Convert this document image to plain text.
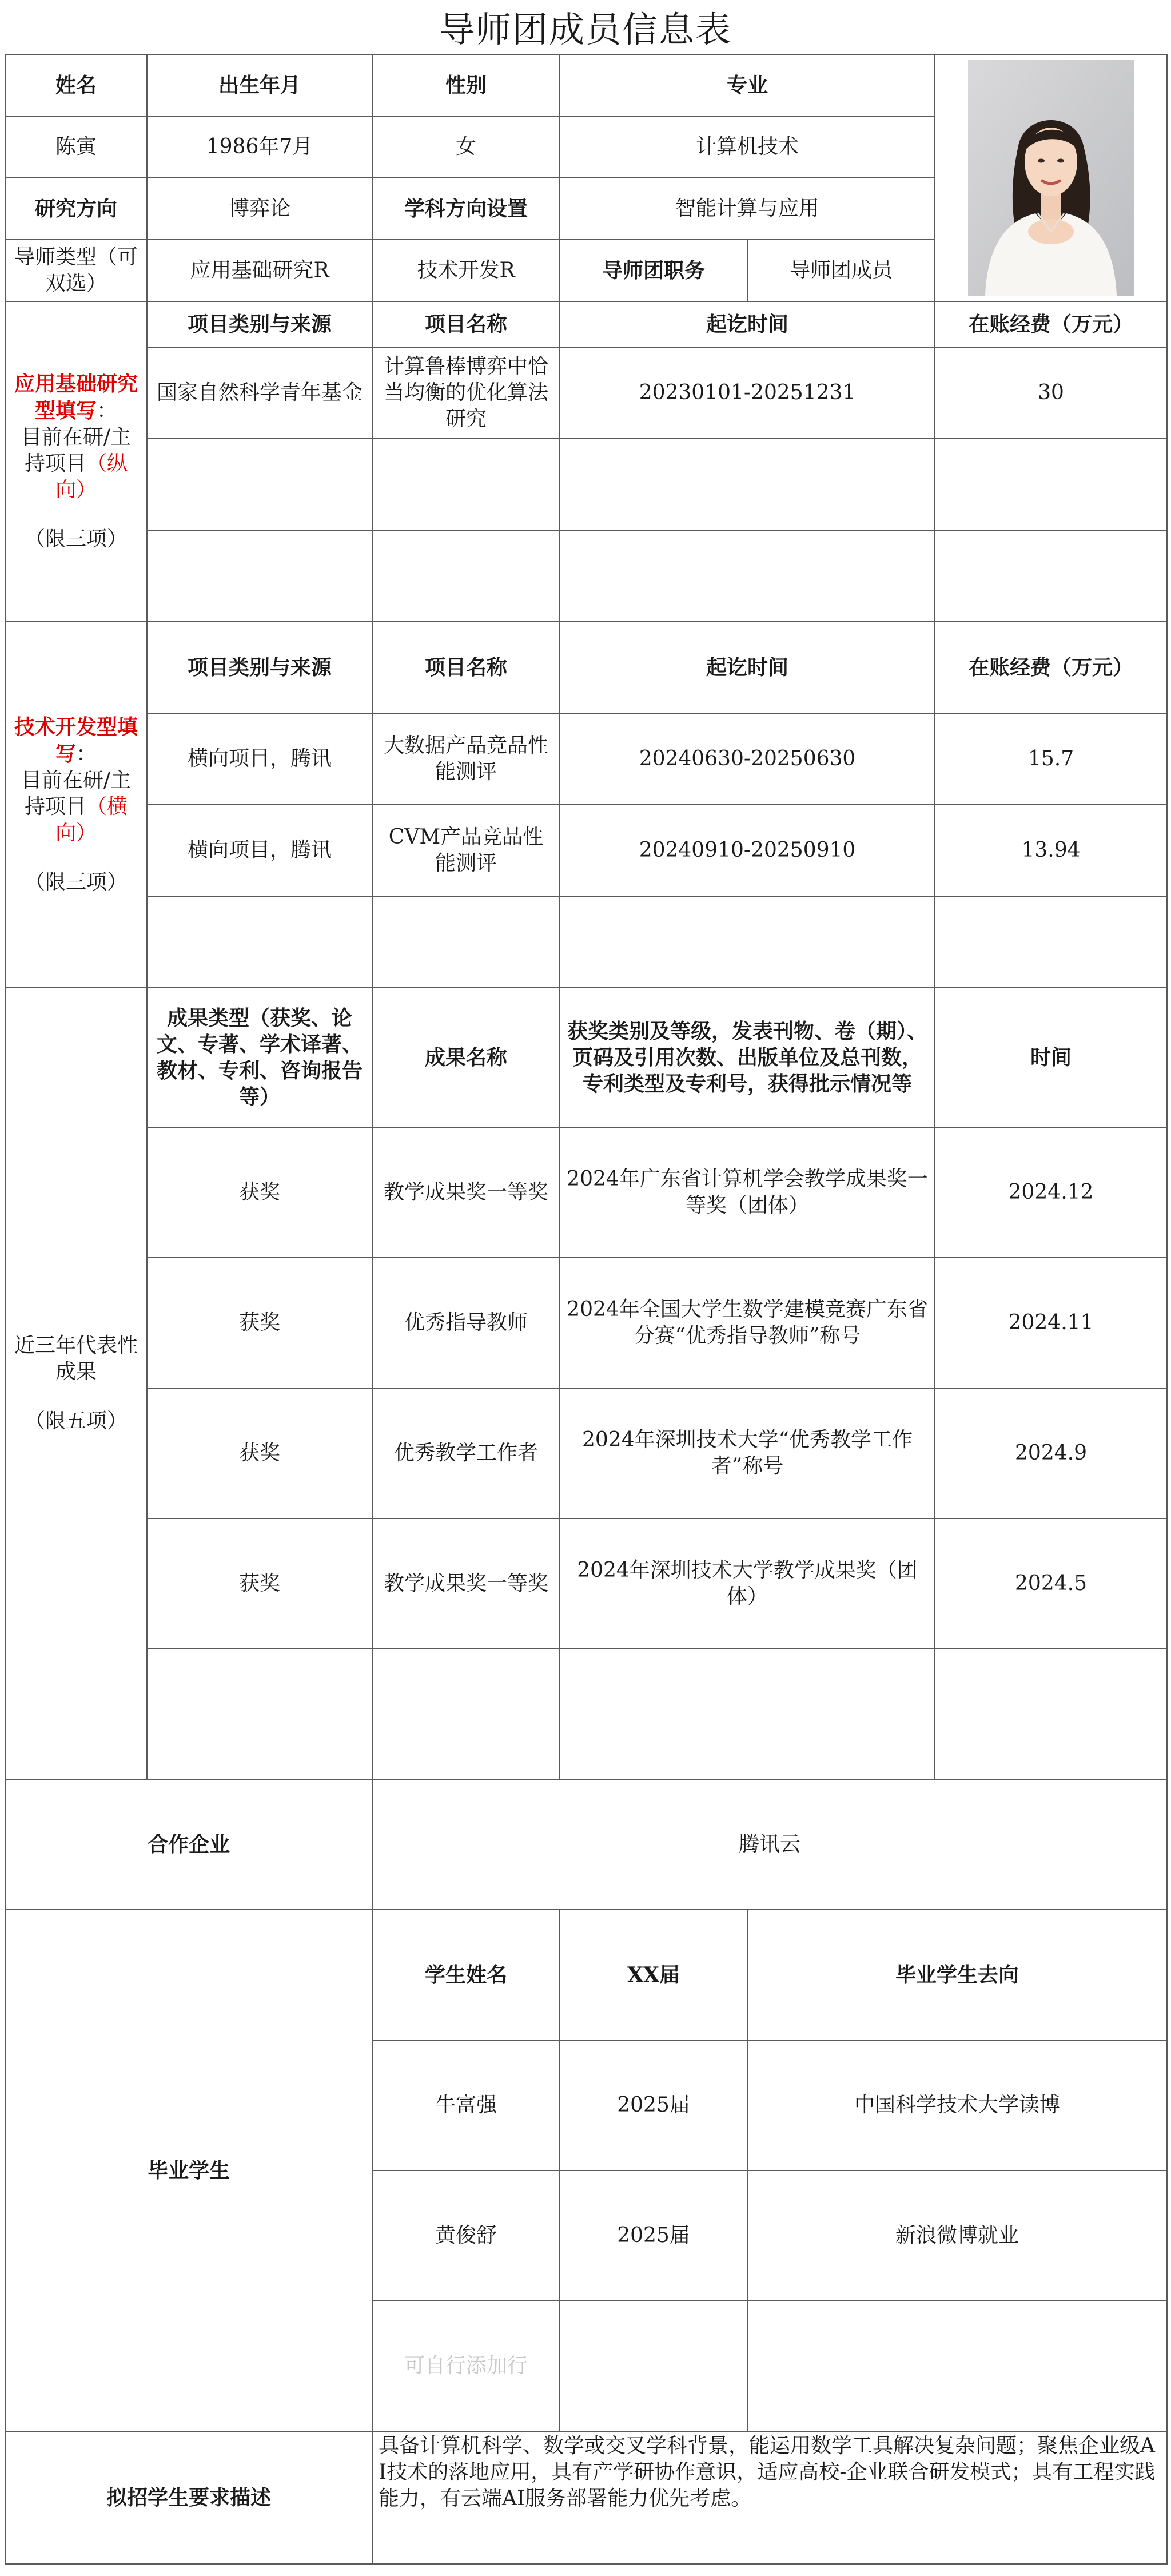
导师团成员信息表
姓名	出生年月	性别	专业	

陈寅	1986年7月	女	计算机技术		
研究方向	博弈论	学科方向设置	智能计算与应用		
导师类型（可双选）	应用基础研究R	技术开发R	导师团职务	导师团成员	
应用基础研究型填写：
目前在研/主持项目（纵向）
（限三项）	项目类别与来源	项目名称	起讫时间		在账经费（万元）
	国家自然科学青年基金	计算鲁棒博弈中恰当均衡的优化算法研究	20230101-20251231		30

技术开发型填写：
目前在研/主持项目（横向）
（限三项）	项目类别与来源	项目名称	起讫时间		在账经费（万元）
	横向项目，腾讯	大数据产品竞品性能测评	20240630-20250630		15.7
	横向项目，腾讯	CVM产品竞品性能测评	20240910-20250910		13.94

近三年代表性成果
（限五项）	成果类型（获奖、论文、专著、学术译著、教材、专利、咨询报告等）	成果名称	获奖类别及等级，发表刊物、卷（期）、页码及引用次数、出版单位及总刊数，专利类型及专利号，获得批示情况等		时间
	获奖	教学成果奖一等奖	2024年广东省计算机学会教学成果奖一等奖（团体）		2024.12
	获奖	优秀指导教师	2024年全国大学生数学建模竞赛广东省分赛“优秀指导教师”称号		2024.11
	获奖	优秀教学工作者	2024年深圳技术大学“优秀教学工作者”称号		2024.9
	获奖	教学成果奖一等奖	2024年深圳技术大学教学成果奖（团体）		2024.5

合作企业		腾讯云			
毕业学生		学生姓名	XX届	毕业学生去向	
		牛富强	2025届	中国科学技术大学读博	
		黄俊舒	2025届	新浪微博就业	
		可自行添加行			
拟招学生要求描述		具备计算机科学、数学或交叉学科背景，能运用数学工具解决复杂问题；聚焦企业级AI技术的落地应用，具有产学研协作意识，适应高校-企业联合研发模式；具有工程实践能力，有云端AI服务部署能力优先考虑。			
